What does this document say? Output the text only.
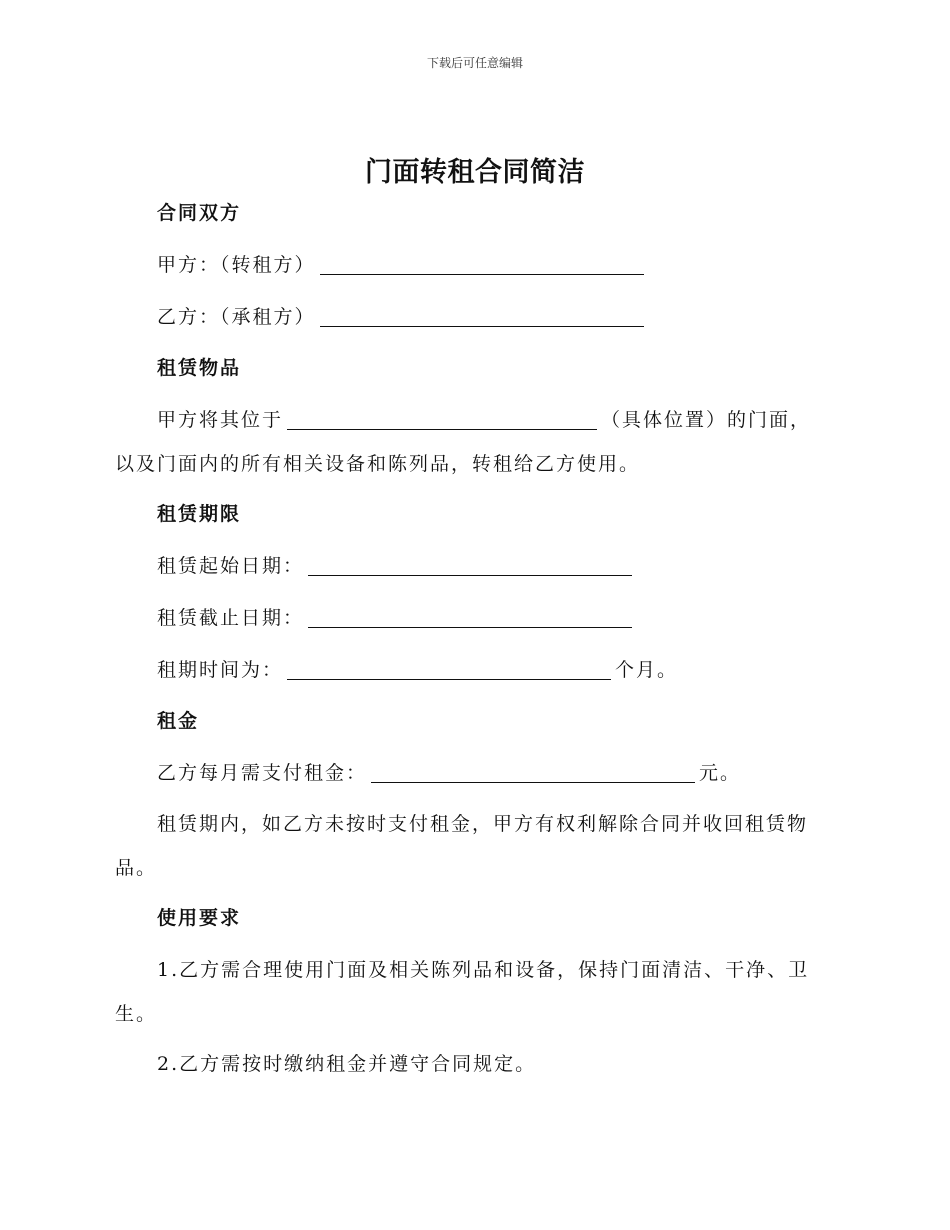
下载后可任意编辑
门面转租合同简洁
合同双方
甲方：（转租方）
乙方：（承租方）
租赁物品
甲方将其位于	（具体位置）的门面，
以及门面内的所有相关设备和陈列品，转租给乙方使用。
租赁期限
租赁起始日期：
租赁截止日期：
租期时间为：	个月。
租金
乙方每月需支付租金：	元。
租赁期内，如乙方未按时支付租金，甲方有权利解除合同并收回租赁物
品。
使用要求
1.乙方需合理使用门面及相关陈列品和设备，保持门面清洁、干净、卫
生。
2.乙方需按时缴纳租金并遵守合同规定。
